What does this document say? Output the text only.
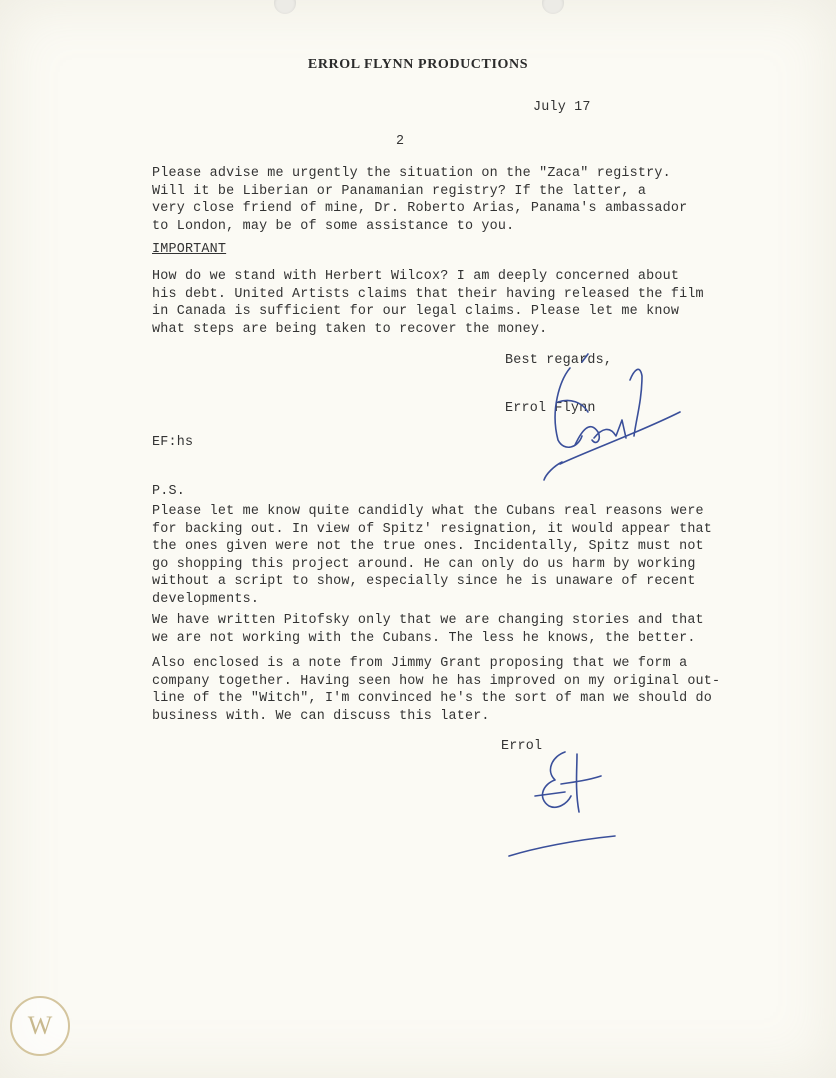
ERROL FLYNN PRODUCTIONS
July 17
2
Please advise me urgently the situation on the "Zaca" registry.
Will it be Liberian or Panamanian registry? If the latter, a
very close friend of mine, Dr. Roberto Arias, Panama's ambassador
to London, may be of some assistance to you.
IMPORTANT
How do we stand with Herbert Wilcox? I am deeply concerned about
his debt. United Artists claims that their having released the film
in Canada is sufficient for our legal claims. Please let me know
what steps are being taken to recover the money.
Best regards,
Errol Flynn
EF:hs
P.S.
Please let me know quite candidly what the Cubans real reasons were
for backing out. In view of Spitz' resignation, it would appear that
the ones given were not the true ones. Incidentally, Spitz must not
go shopping this project around. He can only do us harm by working
without a script to show, especially since he is unaware of recent
developments.
We have written Pitofsky only that we are changing stories and that
we are not working with the Cubans. The less he knows, the better.
Also enclosed is a note from Jimmy Grant proposing that we form a
company together. Having seen how he has improved on my original out-
line of the "Witch", I'm convinced he's the sort of man we should do
business with. We can discuss this later.
Errol
W
